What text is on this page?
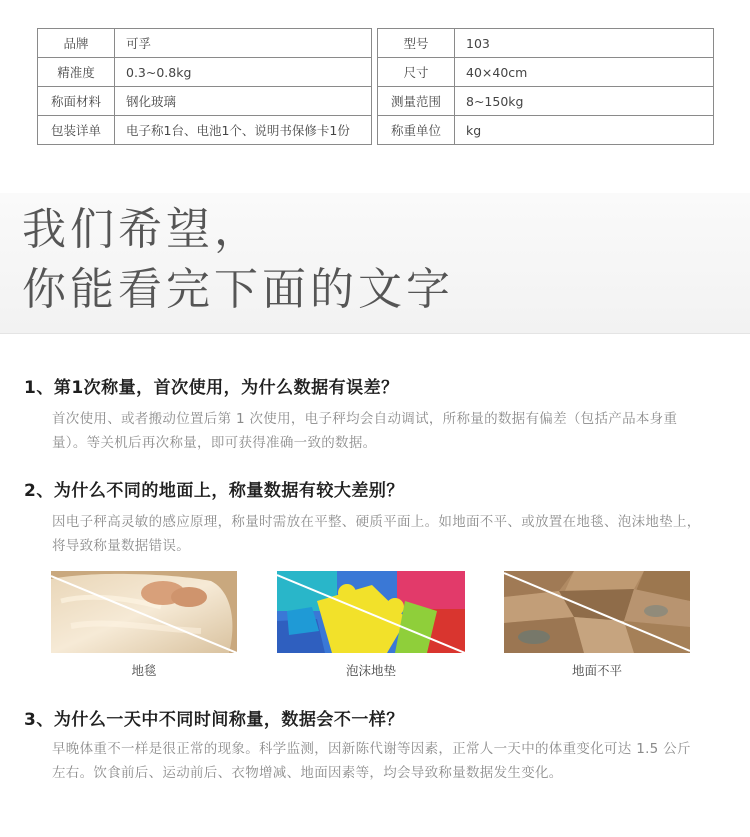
品牌	可孚
精准度	0.3~0.8kg
称面材料	钢化玻璃
包装详单	电子称1台、电池1个、说明书保修卡1份
型号	103
尺寸	40×40cm
测量范围	8~150kg
称重单位	kg
我们希望，
你能看完下面的文字
1、第1次称量，首次使用，为什么数据有误差？
首次使用、或者搬动位置后第 1 次使用，电子秤均会自动调试，所称量的数据有偏差（包括产品本身重量）。等关机后再次称量，即可获得准确一致的数据。
2、为什么不同的地面上，称量数据有较大差别？
因电子秤高灵敏的感应原理，称量时需放在平整、硬质平面上。如地面不平、或放置在地毯、泡沫地垫上，将导致称量数据错误。
地毯	泡沫地垫	地面不平
3、为什么一天中不同时间称量，数据会不一样？
早晚体重不一样是很正常的现象。科学监测，因新陈代谢等因素，正常人一天中的体重变化可达 1.5 公斤左右。饮食前后、运动前后、衣物增减、地面因素等，均会导致称量数据发生变化。
